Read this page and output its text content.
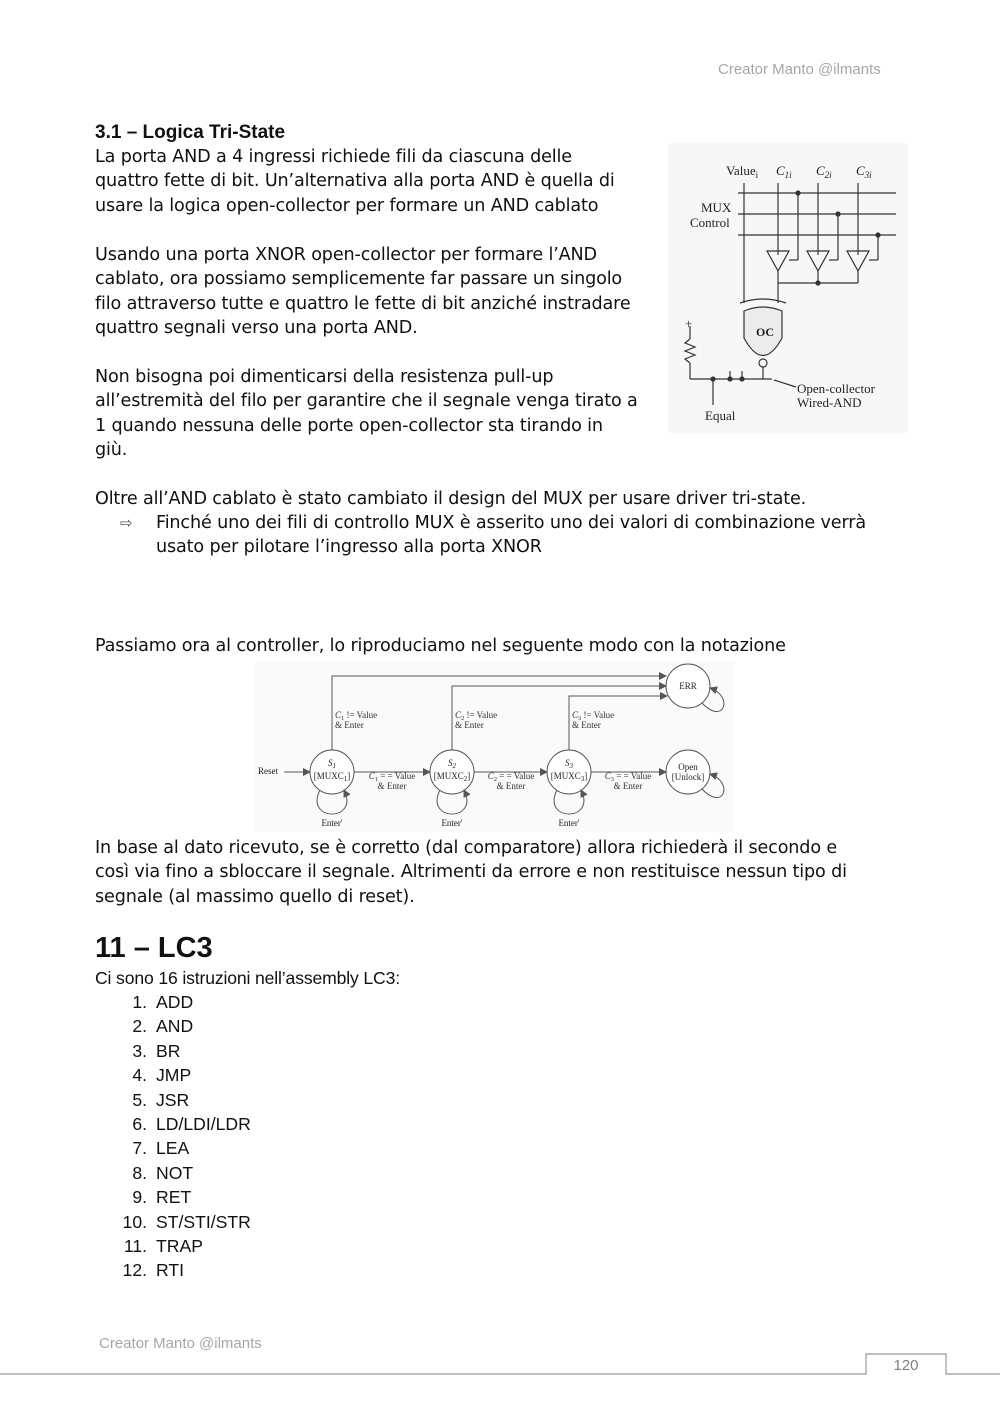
Creator Manto @ilmants
3.1 – Logica Tri-State
La porta AND a 4 ingressi richiede fili da ciascuna delle
quattro fette di bit. Un’alternativa alla porta AND è quella di
usare la logica open-collector per formare un AND cablato
Usando una porta XNOR open-collector per formare l’AND
cablato, ora possiamo semplicemente far passare un singolo
filo attraverso tutte e quattro le fette di bit anziché instradare
quattro segnali verso una porta AND.
Non bisogna poi dimenticarsi della resistenza pull-up
all’estremità del filo per garantire che il segnale venga tirato a
1 quando nessuna delle porte open-collector sta tirando in
giù.
Value$_i$ $C_{1i}$ $C_{2i}$ $C_{3i}$
MUX
Control
OC
+
Equal
Open-collector
Wired-AND
Oltre all’AND cablato è stato cambiato il design del MUX per usare driver tri-state.
⇨ Finché uno dei fili di controllo MUX è asserito uno dei valori di combinazione verrà
usato per pilotare l’ingresso alla porta XNOR
Passiamo ora al controller, lo riproduciamo nel seguente modo con la notazione
Reset
$S_1$
$[MUXC_1]$
$S_2$
$[MUXC_2]$
$S_3$
$[MUXC_3]$
Open
[Unlock]
ERR
Enter'	Enter'	Enter'
$C_1$ != Value
& Enter
$C_2$ != Value
& Enter
$C_3$ != Value
& Enter
$C_1$ = = Value
& Enter
$C_2$ = = Value
& Enter
$C_3$ = = Value
& Enter
In base al dato ricevuto, se è corretto (dal comparatore) allora richiederà il secondo e
così via fino a sbloccare il segnale. Altrimenti da errore e non restituisce nessun tipo di
segnale (al massimo quello di reset).
11 – LC3
Ci sono 16 istruzioni nell’assembly LC3:
1. ADD
2. AND
3. BR
4. JMP
5. JSR
6. LD/LDI/LDR
7. LEA
8. NOT
9. RET
10. ST/STI/STR
11. TRAP
12. RTI
Creator Manto @ilmants
120
